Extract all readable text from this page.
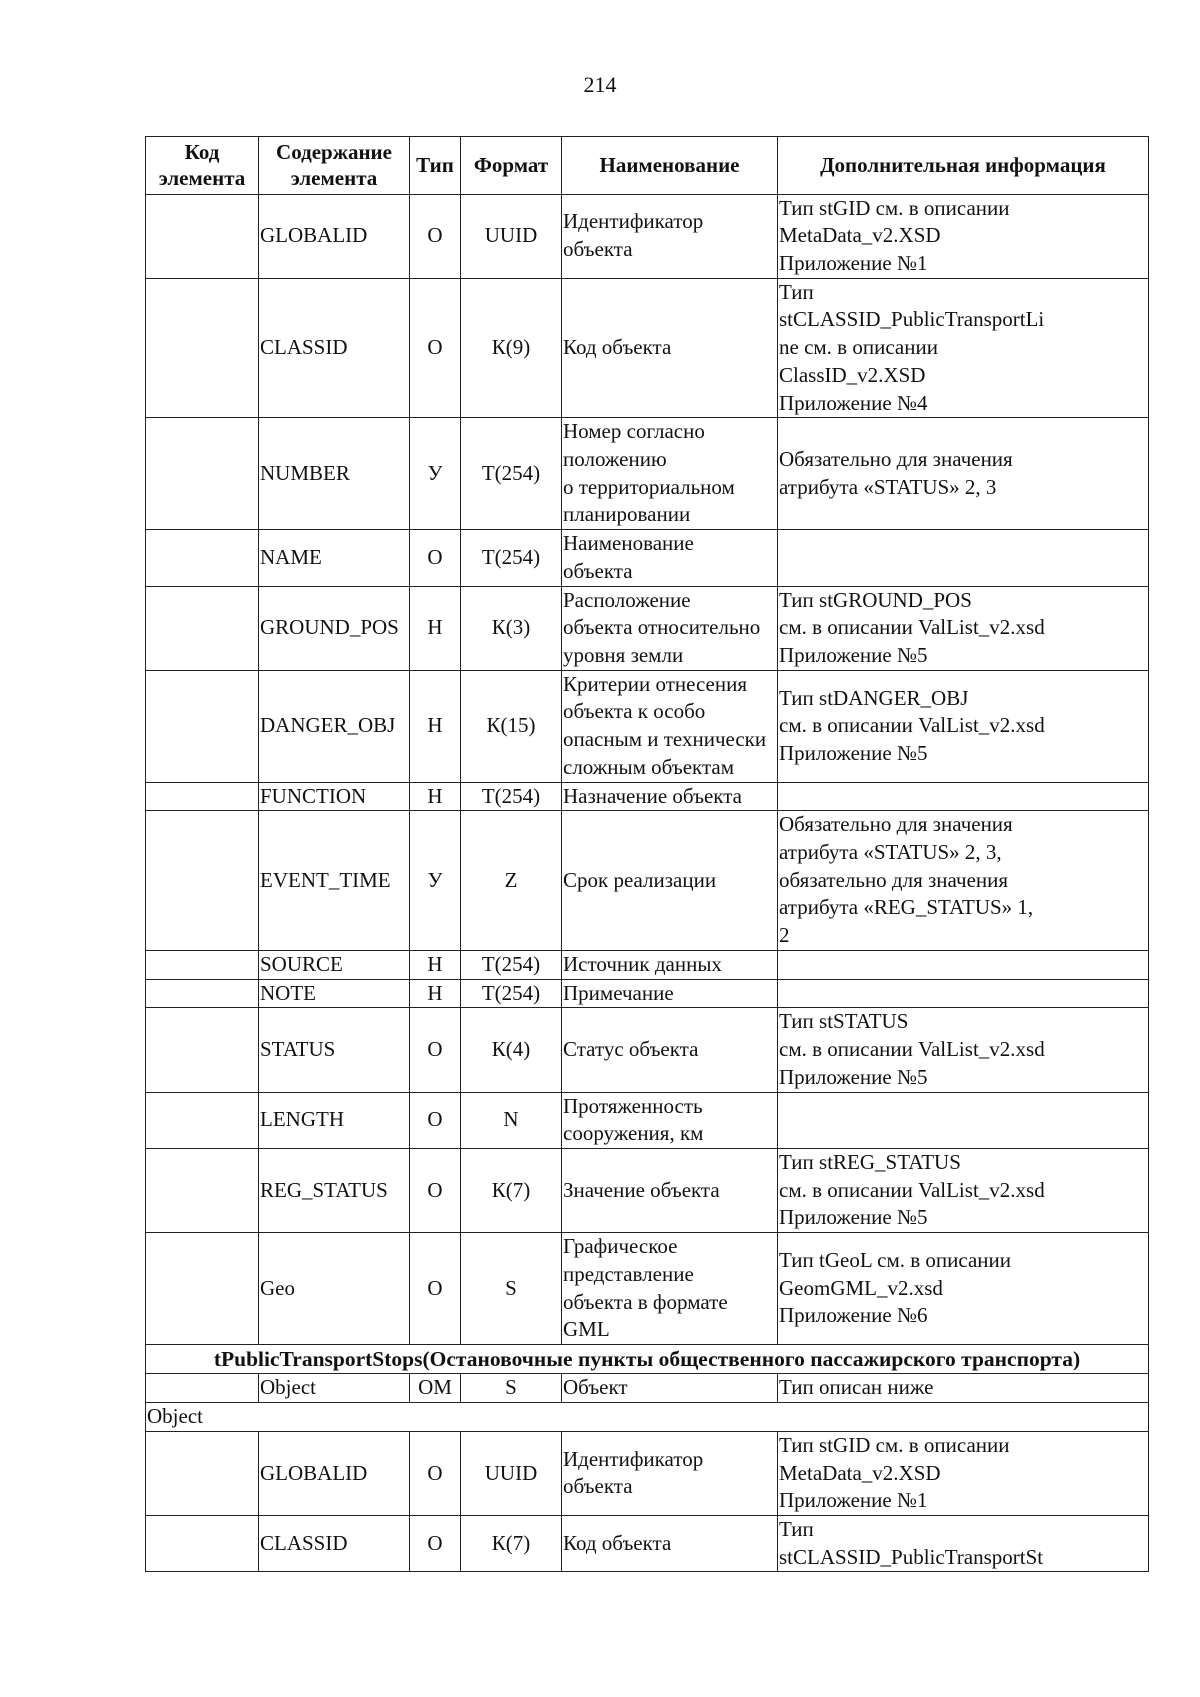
214
Код элемента	Содержание элемента	Тип	Формат	Наименование	Дополнительная информация
	GLOBALID	О	UUID	Идентификатор
объекта	Тип stGID см. в описании
MetaData_v2.XSD
Приложение №1
	CLASSID	О	К(9)	Код объекта	Тип
stCLASSID_PublicTransportLi
ne см. в описании
ClassID_v2.XSD
Приложение №4
	NUMBER	У	Т(254)	Номер согласно
положению
о территориальном
планировании	Обязательно для значения
атрибута «STATUS» 2, 3
	NAME	О	Т(254)	Наименование
объекта	
	GROUND_POS	Н	К(3)	Расположение
объекта относительно
уровня земли	Тип stGROUND_POS
см. в описании ValList_v2.xsd
Приложение №5
	DANGER_OBJ	Н	К(15)	Критерии отнесения
объекта к особо
опасным и технически
сложным объектам	Тип stDANGER_OBJ
см. в описании ValList_v2.xsd
Приложение №5
	FUNCTION	Н	Т(254)	Назначение объекта	
	EVENT_TIME	У	Z	Срок реализации	Обязательно для значения
атрибута «STATUS» 2, 3,
обязательно для значения
атрибута «REG_STATUS» 1,
2
	SOURCE	Н	Т(254)	Источник данных	
	NOTE	Н	Т(254)	Примечание	
	STATUS	О	К(4)	Статус объекта	Тип stSTATUS
см. в описании ValList_v2.xsd
Приложение №5
	LENGTH	О	N	Протяженность
сооружения, км	
	REG_STATUS	О	К(7)	Значение объекта	Тип stREG_STATUS
см. в описании ValList_v2.xsd
Приложение №5
	Geo	О	S	Графическое
представление
объекта в формате
GML	Тип tGeoL см. в описании
GeomGML_v2.xsd
Приложение №6
tPublicTransportStops(Остановочные пункты общественного пассажирского транспорта)					
	Object	ОМ	S	Объект	Тип описан ниже
Object					
	GLOBALID	О	UUID	Идентификатор
объекта	Тип stGID см. в описании
MetaData_v2.XSD
Приложение №1
	CLASSID	О	К(7)	Код объекта	Тип
stCLASSID_PublicTransportSt
